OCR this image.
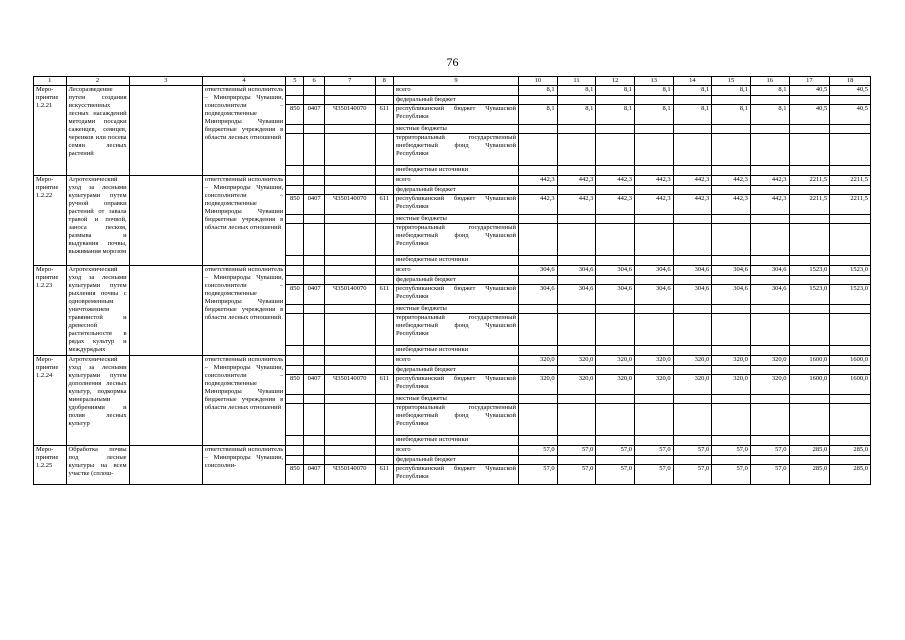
76
1	2	3	4	5	6	7	8	9	10	11	12	13	14	15	16	17	18
Меро-приятие 1.2.21	Лесоразведение путем создания искусственных лесных насаждений методами посадки саженцев, сеянцев, черенков или посева семян лесных растений		ответственный исполнитель – Минприроды Чувашии, соисполнители – подведомственные Минприроды Чувашии бюджетные учреждения в области лесных отношений					всего	8,1	8,1	8,1	8,1	8,1	8,1	8,1	40,5	40,5
								федеральный бюджет									
				850	0407	Ч350140070	611	республиканский бюджет Чувашской Республики	8,1	8,1	8,1	8,1	8,1	8,1	8,1	40,5	40,5
								местные бюджеты									
								территориальный государственный внебюджетный фонд Чувашской Республики									
								внебюджетные источники									
Меро-приятие 1.2.22	Агротехнический уход за лесными культурами путем ручной оправки растений от завала травой и почвой, заноса песком, размыва и выдувания почвы, выжимания морозом		ответственный исполнитель – Минприроды Чувашии, соисполнители – подведомственные Минприроды Чувашии бюджетные учреждения в области лесных отношений					всего	442,3	442,3	442,3	442,3	442,3	442,3	442,3	2211,5	2211,5
								федеральный бюджет									
				850	0407	Ч350140070	611	республиканский бюджет Чувашской Республики	442,3	442,3	442,3	442,3	442,3	442,3	442,3	2211,5	2211,5
								местные бюджеты									
								территориальный государственный внебюджетный фонд Чувашской Республики									
								внебюджетные источники									
Меро-приятие 1.2.23	Агротехнический уход за лесными культурами путем рыхления почвы с одновременным уничтожением травянистой и древесной растительности в рядах культур и междурядьях		ответственный исполнитель – Минприроды Чувашии, соисполнители – подведомственные Минприроды Чувашии бюджетные учреждения в области лесных отношений					всего	304,6	304,6	304,6	304,6	304,6	304,6	304,6	1523,0	1523,0
								федеральный бюджет									
				850	0407	Ч350140070	611	республиканский бюджет Чувашской Республики	304,6	304,6	304,6	304,6	304,6	304,6	304,6	1523,0	1523,0
								местные бюджеты									
								территориальный государственный внебюджетный фонд Чувашской Республики									
								внебюджетные источники									
Меро-приятие 1.2.24	Агротехнический уход за лесными культурами путем дополнения лесных культур, подкормка минеральными удобрениями и полив лесных культур		ответственный исполнитель – Минприроды Чувашии, соисполнители – подведомственные Минприроды Чувашии бюджетные учреждения в области лесных отношений					всего	320,0	320,0	320,0	320,0	320,0	320,0	320,0	1600,0	1600,0
								федеральный бюджет									
				850	0407	Ч350140070	611	республиканский бюджет Чувашской Республики	320,0	320,0	320,0	320,0	320,0	320,0	320,0	1600,0	1600,0
								местные бюджеты									
								территориальный государственный внебюджетный фонд Чувашской Республики									
								внебюджетные источники									
Меро-приятие 1.2.25	Обработка почвы под лесные культуры на всем участке (сплош-		ответственный исполнитель – Минприроды Чувашии, соисполни-					всего	57,0	57,0	57,0	57,0	57,0	57,0	57,0	285,0	285,0
								федеральный бюджет									
				850	0407	Ч350140070	611	республиканский бюджет Чувашской Республики	57,0	57,0	57,0	57,0	57,0	57,0	57,0	285,0	285,0
